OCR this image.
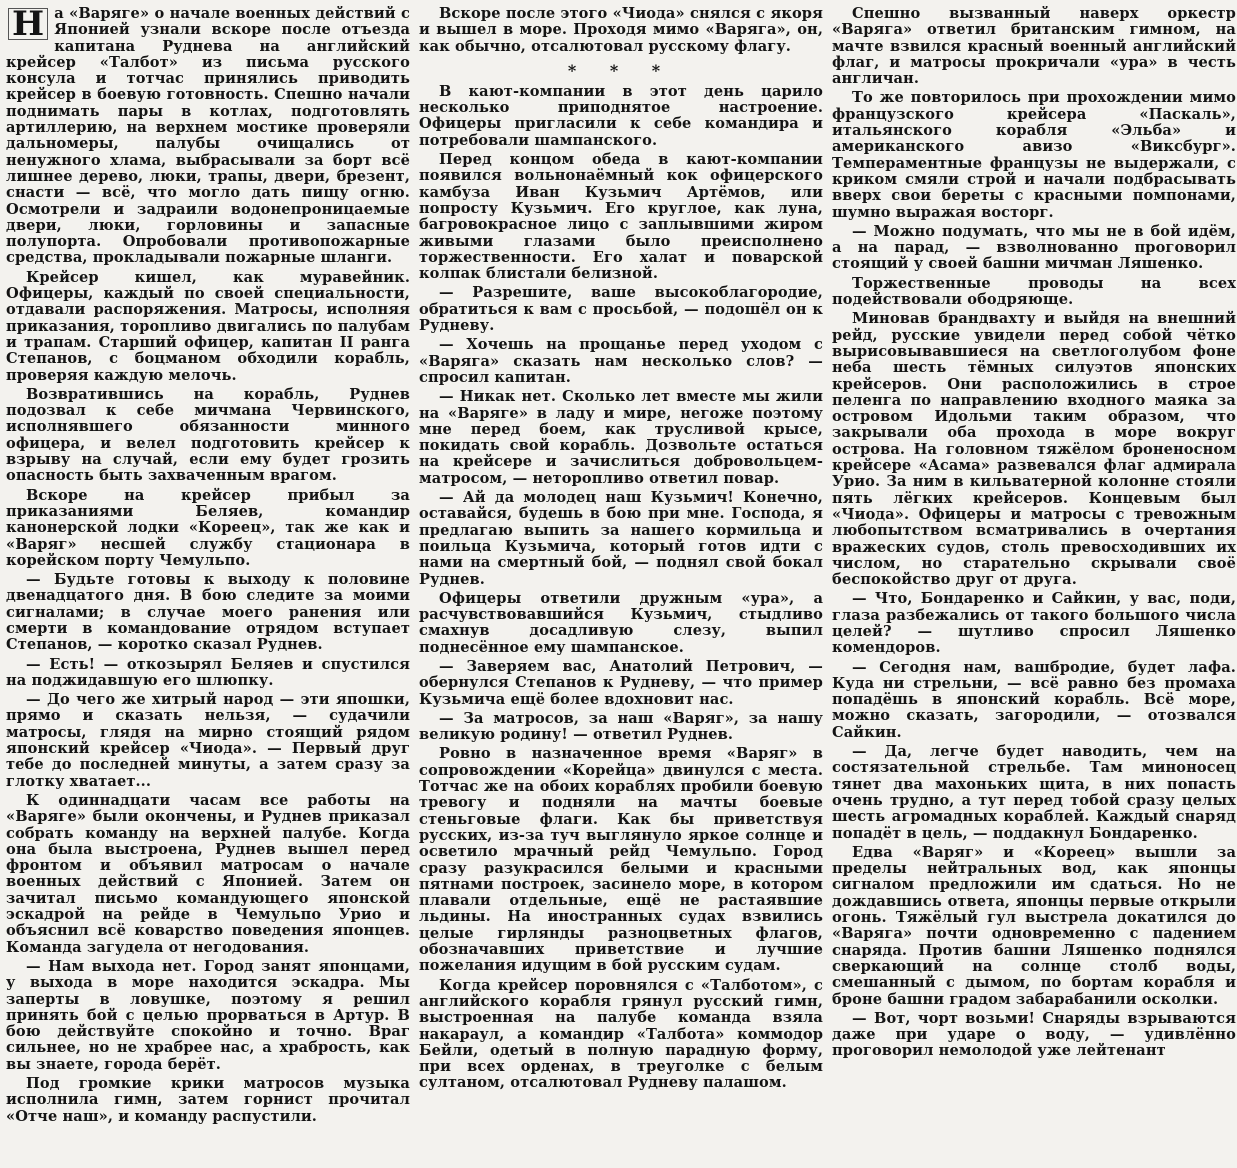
Н а «Варяге» о начале военных действий с Японией узнали вскоре после отъезда капитана Руднева на английский крейсер «Талбот» из письма русского консула и тотчас принялись приводить крейсер в боевую готовность. Спешно начали поднимать пары в котлах, подготовлять артиллерию, на верхнем мостике проверяли дальномеры, палубы очищались от ненужного хлама, выбрасывали за борт всё лишнее дерево, люки, трапы, двери, брезент, снасти — всё, что могло дать пищу огню. Осмотрели и задраили водонепроницаемые двери, люки, горловины и запасные полупорта. Опробовали противопожарные средства, прокладывали пожарные шланги.

Крейсер кишел, как муравейник. Офицеры, каждый по своей специальности, отдавали распоряжения. Матросы, исполняя приказания, торопливо двигались по палубам и трапам. Старший офицер, капитан II ранга Степанов, с боцманом обходили корабль, проверяя каждую мелочь.

Возвратившись на корабль, Руднев подозвал к себе мичмана Червинского, исполнявшего обязанности минного офицера, и велел подготовить крейсер к взрыву на случай, если ему будет грозить опасность быть захваченным врагом.

Вскоре на крейсер прибыл за приказаниями Беляев, командир канонерской лодки «Кореец», так же как и «Варяг» несшей службу стационара в корейском порту Чемульпо.

— Будьте готовы к выходу к половине двенадцатого дня. В бою следите за моими сигналами; в случае моего ранения или смерти в командование отрядом вступает Степанов, — коротко сказал Руднев.

— Есть! — откозырял Беляев и спустился на поджидавшую его шлюпку.

— До чего же хитрый народ — эти япошки, прямо и сказать нельзя, — судачили матросы, глядя на мирно стоящий рядом японский крейсер «Чиода». — Первый друг тебе до последней минуты, а затем сразу за глотку хватает...

К одиннадцати часам все работы на «Варяге» были окончены, и Руднев приказал собрать команду на верхней палубе. Когда она была выстроена, Руднев вышел перед фронтом и объявил матросам о начале военных действий с Японией. Затем он зачитал письмо командующего японской эскадрой на рейде в Чемульпо Урио и объяснил всё коварство поведения японцев. Команда загудела от негодования.

— Нам выхода нет. Город занят японцами, у выхода в море находится эскадра. Мы заперты в ловушке, поэтому я решил принять бой с целью прорваться в Артур. В бою действуйте спокойно и точно. Враг сильнее, но не храбрее нас, а храбрость, как вы знаете, города берёт.

Под громкие крики матросов музыка исполнила гимн, затем горнист прочитал «Отче наш», и команду распустили.

Вскоре после этого «Чиода» снялся с якоря и вышел в море. Проходя мимо «Варяга», он, как обычно, отсалютовал русскому флагу.

* * *

В кают-компании в этот день царило несколько приподнятое настроение. Офицеры пригласили к себе командира и потребовали шампанского.

Перед концом обеда в кают-компании появился вольнонаёмный кок офицерского камбуза Иван Кузьмич Артёмов, или попросту Кузьмич. Его круглое, как луна, багровокрасное лицо с заплывшими жиром живыми глазами было преисполнено торжественности. Его халат и поварской колпак блистали белизной.

— Разрешите, ваше высокоблагородие, обратиться к вам с просьбой, — подошёл он к Рудневу.

— Хочешь на прощанье перед уходом с «Варяга» сказать нам несколько слов? — спросил капитан.

— Никак нет. Сколько лет вместе мы жили на «Варяге» в ладу и мире, негоже поэтому мне перед боем, как трусливой крысе, покидать свой корабль. Дозвольте остаться на крейсере и зачислиться добровольцем-матросом, — неторопливо ответил повар.

— Ай да молодец наш Кузьмич! Конечно, оставайся, будешь в бою при мне. Господа, я предлагаю выпить за нашего кормильца и поильца Кузьмича, который готов идти с нами на смертный бой, — поднял свой бокал Руднев.

Офицеры ответили дружным «ура», а расчувствовавшийся Кузьмич, стыдливо смахнув досадливую слезу, выпил поднесённое ему шампанское.

— Заверяем вас, Анатолий Петрович, — обернулся Степанов к Рудневу, — что пример Кузьмича ещё более вдохновит нас.

— За матросов, за наш «Варяг», за нашу великую родину! — ответил Руднев.

Ровно в назначенное время «Варяг» в сопровождении «Корейца» двинулся с места. Тотчас же на обоих кораблях пробили боевую тревогу и подняли на мачты боевые стеньговые флаги. Как бы приветствуя русских, из-за туч выглянуло яркое солнце и осветило мрачный рейд Чемульпо. Город сразу разукрасился белыми и красными пятнами построек, засинело море, в котором плавали отдельные, ещё не растаявшие льдины. На иностранных судах взвились целые гирлянды разноцветных флагов, обозначавших приветствие и лучшие пожелания идущим в бой русским судам.

Когда крейсер поровнялся с «Талботом», с английского корабля грянул русский гимн, выстроенная на палубе команда взяла накараул, а командир «Талбота» коммодор Бейли, одетый в полную парадную форму, при всех орденах, в треуголке с белым султаном, отсалютовал Рудневу палашом.

Спешно вызванный наверх оркестр «Варяга» ответил британским гимном, на мачте взвился красный военный английский флаг, и матросы прокричали «ура» в честь англичан.

То же повторилось при прохождении мимо французского крейсера «Паскаль», итальянского корабля «Эльба» и американского авизо «Виксбург». Темпераментные французы не выдержали, с криком смяли строй и начали подбрасывать вверх свои береты с красными помпонами, шумно выражая восторг.

— Можно подумать, что мы не в бой идём, а на парад, — взволнованно проговорил стоящий у своей башни мичман Ляшенко.

Торжественные проводы на всех подействовали ободряюще.

Миновав брандвахту и выйдя на внешний рейд, русские увидели перед собой чётко вырисовывавшиеся на светлоголубом фоне неба шесть тёмных силуэтов японских крейсеров. Они расположились в строе пеленга по направлению входного маяка за островом Идольми таким образом, что закрывали оба прохода в море вокруг острова. На головном тяжёлом броненосном крейсере «Асама» развевался флаг адмирала Урио. За ним в кильватерной колонне стояли пять лёгких крейсеров. Концевым был «Чиода». Офицеры и матросы с тревожным любопытством всматривались в очертания вражеских судов, столь превосходивших их числом, но старательно скрывали своё беспокойство друг от друга.

— Что, Бондаренко и Сайкин, у вас, поди, глаза разбежались от такого большого числа целей? — шутливо спросил Ляшенко комендоров.

— Сегодня нам, вашбродие, будет лафа. Куда ни стрельни, — всё равно без промаха попадёшь в японский корабль. Всё море, можно сказать, загородили, — отозвался Сайкин.

— Да, легче будет наводить, чем на состязательной стрельбе. Там миноносец тянет два махоньких щита, в них попасть очень трудно, а тут перед тобой сразу целых шесть агромадных кораблей. Каждый снаряд попадёт в цель, — поддакнул Бондаренко.

Едва «Варяг» и «Кореец» вышли за пределы нейтральных вод, как японцы сигналом предложили им сдаться. Но не дождавшись ответа, японцы первые открыли огонь. Тяжёлый гул выстрела докатился до «Варяга» почти одновременно с падением снаряда. Против башни Ляшенко поднялся сверкающий на солнце столб воды, смешанный с дымом, по бортам корабля и броне башни градом забарабанили осколки.

— Вот, чорт возьми! Снаряды взрываются даже при ударе о воду, — удивлённо проговорил немолодой уже лейтенант
